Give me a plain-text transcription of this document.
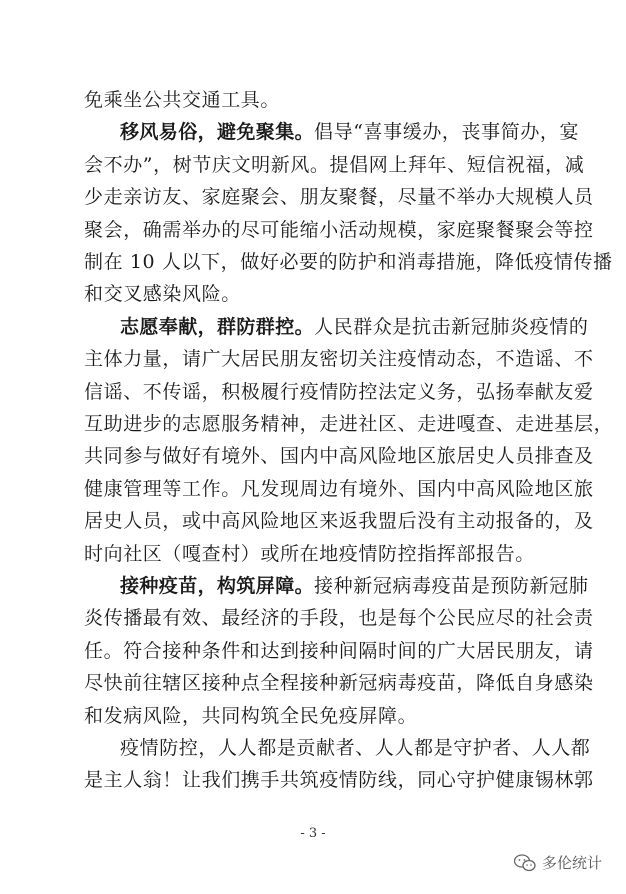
免乘坐公共交通工具。
移风易俗，避免聚集。倡导“喜事缓办，丧事简办，宴
会不办”，树节庆文明新风。提倡网上拜年、短信祝福，减
少走亲访友、家庭聚会、朋友聚餐，尽量不举办大规模人员
聚会，确需举办的尽可能缩小活动规模，家庭聚餐聚会等控
制在 10 人以下，做好必要的防护和消毒措施，降低疫情传播
和交叉感染风险。
志愿奉献，群防群控。人民群众是抗击新冠肺炎疫情的
主体力量，请广大居民朋友密切关注疫情动态，不造谣、不
信谣、不传谣，积极履行疫情防控法定义务，弘扬奉献友爱
互助进步的志愿服务精神，走进社区、走进嘎查、走进基层，
共同参与做好有境外、国内中高风险地区旅居史人员排查及
健康管理等工作。凡发现周边有境外、国内中高风险地区旅
居史人员，或中高风险地区来返我盟后没有主动报备的，及
时向社区（嘎查村）或所在地疫情防控指挥部报告。
接种疫苗，构筑屏障。接种新冠病毒疫苗是预防新冠肺
炎传播最有效、最经济的手段，也是每个公民应尽的社会责
任。符合接种条件和达到接种间隔时间的广大居民朋友，请
尽快前往辖区接种点全程接种新冠病毒疫苗，降低自身感染
和发病风险，共同构筑全民免疫屏障。
疫情防控，人人都是贡献者、人人都是守护者、人人都
是主人翁！让我们携手共筑疫情防线，同心守护健康锡林郭
- 3 -
多伦统计
